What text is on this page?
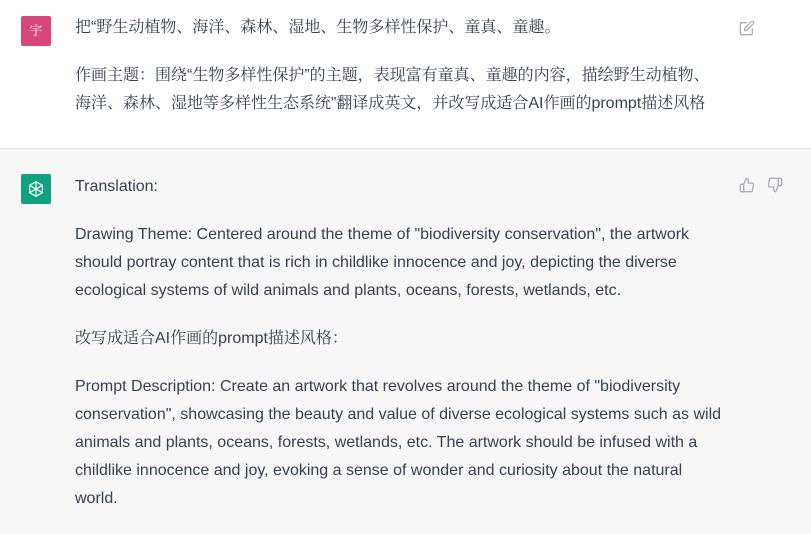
宇	把“野生动植物、海洋、森林、湿地、生物多样性保护、童真、童趣。

作画主题：围绕“生物多样性保护”的主题，表现富有童真、童趣的内容，描绘野生动植物、

海洋、森林、湿地等多样性生态系统”翻译成英文，并改写成适合AI作画的prompt描述风格

Translation:

Drawing Theme: Centered around the theme of "biodiversity conservation", the artwork should portray content that is rich in childlike innocence and joy, depicting the diverse ecological systems of wild animals and plants, oceans, forests, wetlands, etc.

改写成适合AI作画的prompt描述风格：

Prompt Description: Create an artwork that revolves around the theme of "biodiversity conservation", showcasing the beauty and value of diverse ecological systems such as wild animals and plants, oceans, forests, wetlands, etc. The artwork should be infused with a childlike innocence and joy, evoking a sense of wonder and curiosity about the natural world.
